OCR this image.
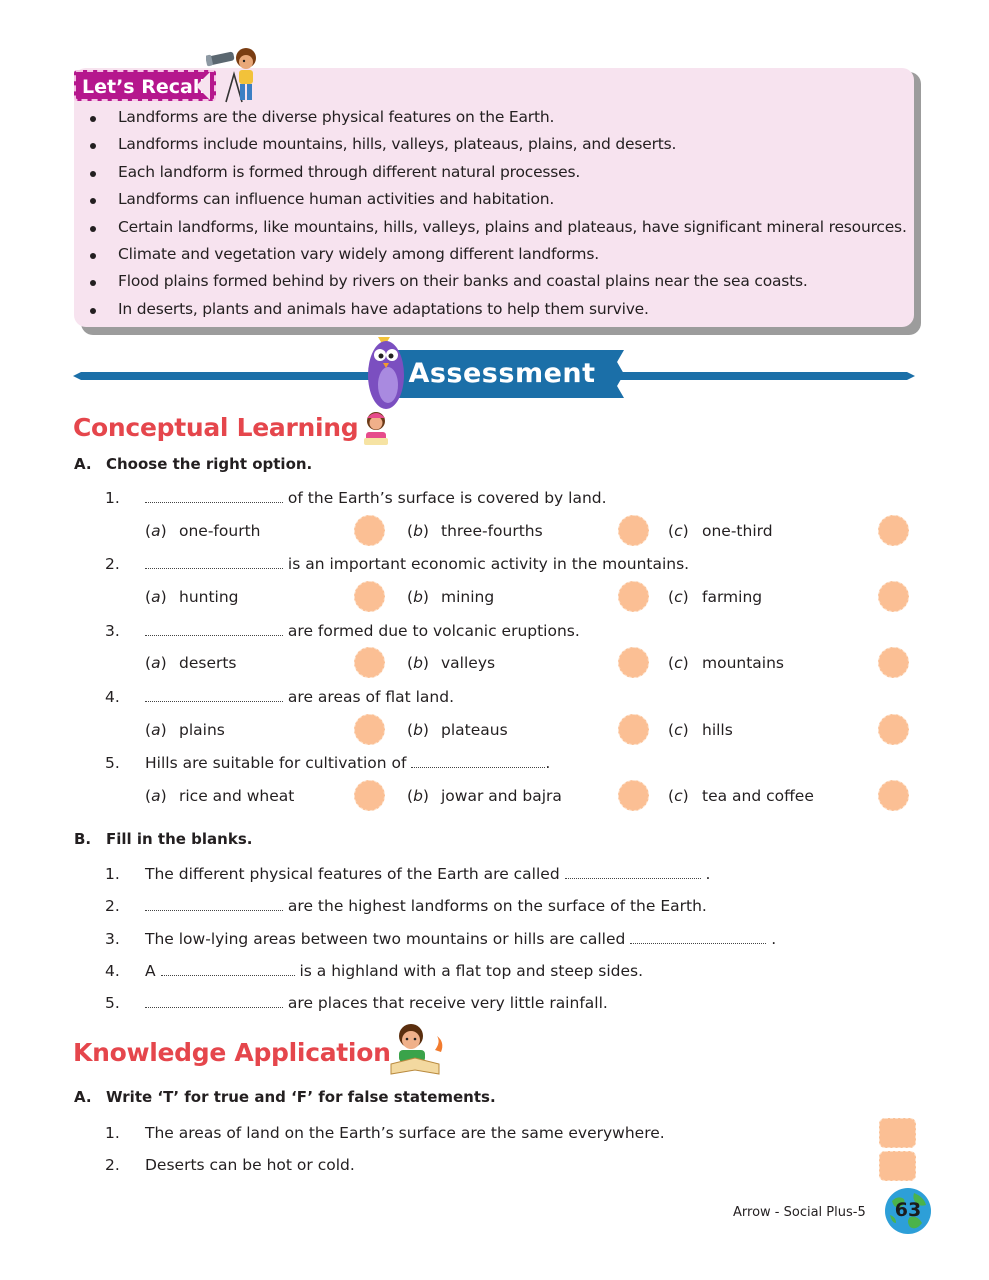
Let’s Recall
Landforms are the diverse physical features on the Earth.
Landforms include mountains, hills, valleys, plateaus, plains, and deserts.
Each landform is formed through different natural processes.
Landforms can influence human activities and habitation.
Certain landforms, like mountains, hills, valleys, plains and plateaus, have significant mineral resources.
Climate and vegetation vary widely among different landforms.
Flood plains formed behind by rivers on their banks and coastal plains near the sea coasts.
In deserts, plants and animals have adaptations to help them survive.
Assessment
Conceptual Learning
A. Choose the right option.
1.	of the Earth’s surface is covered by land.
(a) one-fourth	(b) three-fourths	(c) one-third
2.	is an important economic activity in the mountains.
(a) hunting	(b) mining	(c) farming
3.	are formed due to volcanic eruptions.
(a) deserts	(b) valleys	(c) mountains
4.	are areas of flat land.
(a) plains	(b) plateaus	(c) hills
5.	Hills are suitable for cultivation of	.
(a) rice and wheat	(b) jowar and bajra	(c) tea and coffee
B. Fill in the blanks.
1.	The different physical features of the Earth are called	.
2.	are the highest landforms on the surface of the Earth.
3.	The low-lying areas between two mountains or hills are called	.
4.	A	is a highland with a flat top and steep sides.
5.	are places that receive very little rainfall.
Knowledge Application
A. Write ‘T’ for true and ‘F’ for false statements.
1.	The areas of land on the Earth’s surface are the same everywhere.
2.	Deserts can be hot or cold.
Arrow - Social Plus-5	63
